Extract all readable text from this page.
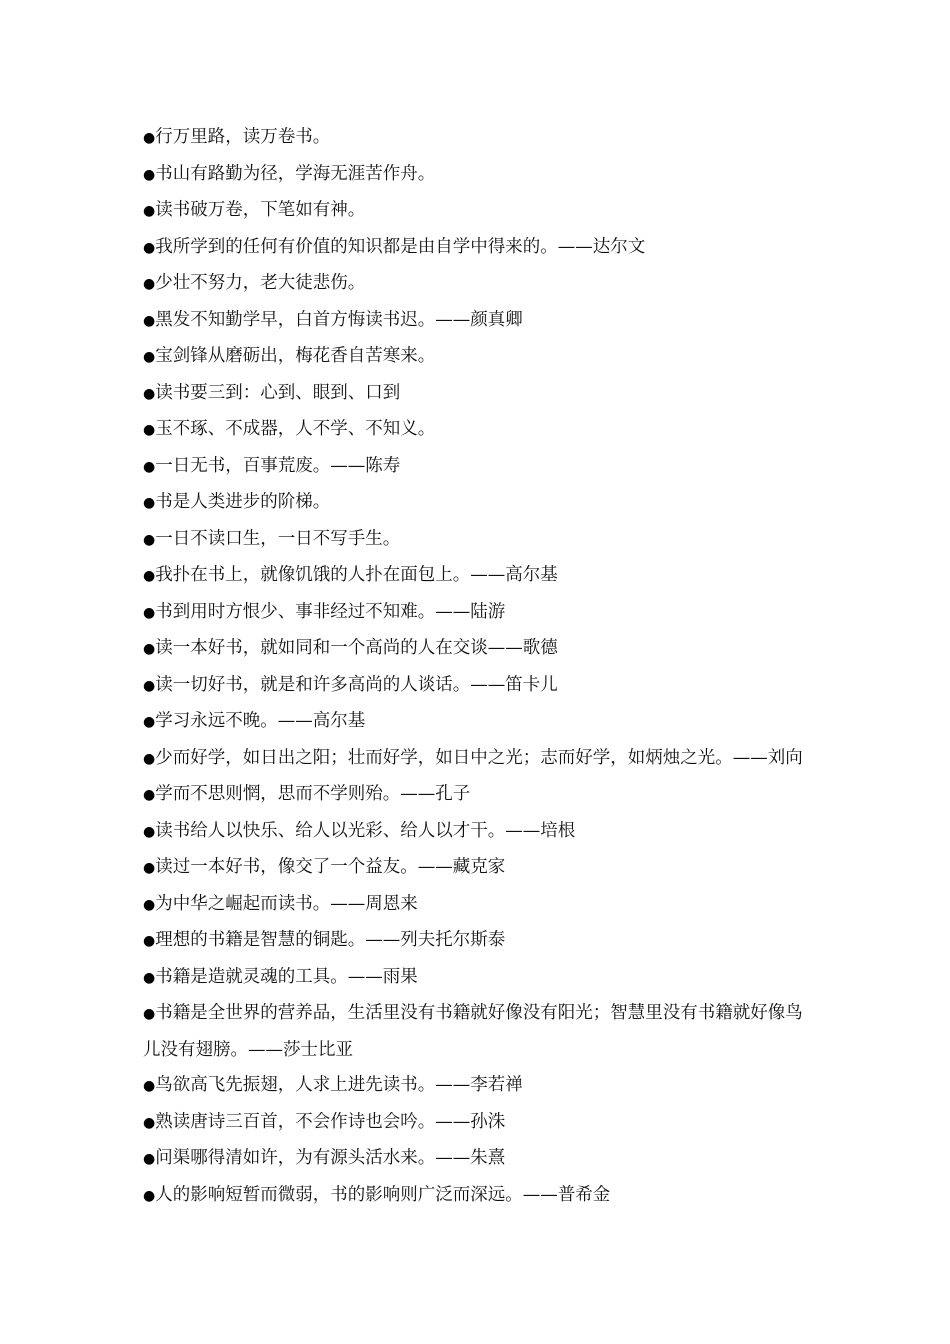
●行万里路，读万卷书。
●书山有路勤为径，学海无涯苦作舟。
●读书破万卷，下笔如有神。
●我所学到的任何有价值的知识都是由自学中得来的。——达尔文
●少壮不努力，老大徒悲伤。
●黑发不知勤学早，白首方悔读书迟。——颜真卿
●宝剑锋从磨砺出，梅花香自苦寒来。
●读书要三到：心到、眼到、口到
●玉不琢、不成器，人不学、不知义。
●一日无书，百事荒废。——陈寿
●书是人类进步的阶梯。
●一日不读口生，一日不写手生。
●我扑在书上，就像饥饿的人扑在面包上。——高尔基
●书到用时方恨少、事非经过不知难。——陆游
●读一本好书，就如同和一个高尚的人在交谈——歌德
●读一切好书，就是和许多高尚的人谈话。——笛卡儿
●学习永远不晚。——高尔基
●少而好学，如日出之阳；壮而好学，如日中之光；志而好学，如炳烛之光。——刘向
●学而不思则惘，思而不学则殆。——孔子
●读书给人以快乐、给人以光彩、给人以才干。——培根
●读过一本好书，像交了一个益友。——藏克家
●为中华之崛起而读书。——周恩来
●理想的书籍是智慧的铜匙。——列夫托尔斯泰
●书籍是造就灵魂的工具。——雨果
●书籍是全世界的营养品，生活里没有书籍就好像没有阳光；智慧里没有书籍就好像鸟儿没有翅膀。——莎士比亚
●鸟欲高飞先振翅，人求上进先读书。——李若禅
●熟读唐诗三百首，不会作诗也会吟。——孙洙
●问渠哪得清如许，为有源头活水来。——朱熹
●人的影响短暂而微弱，书的影响则广泛而深远。——普希金
